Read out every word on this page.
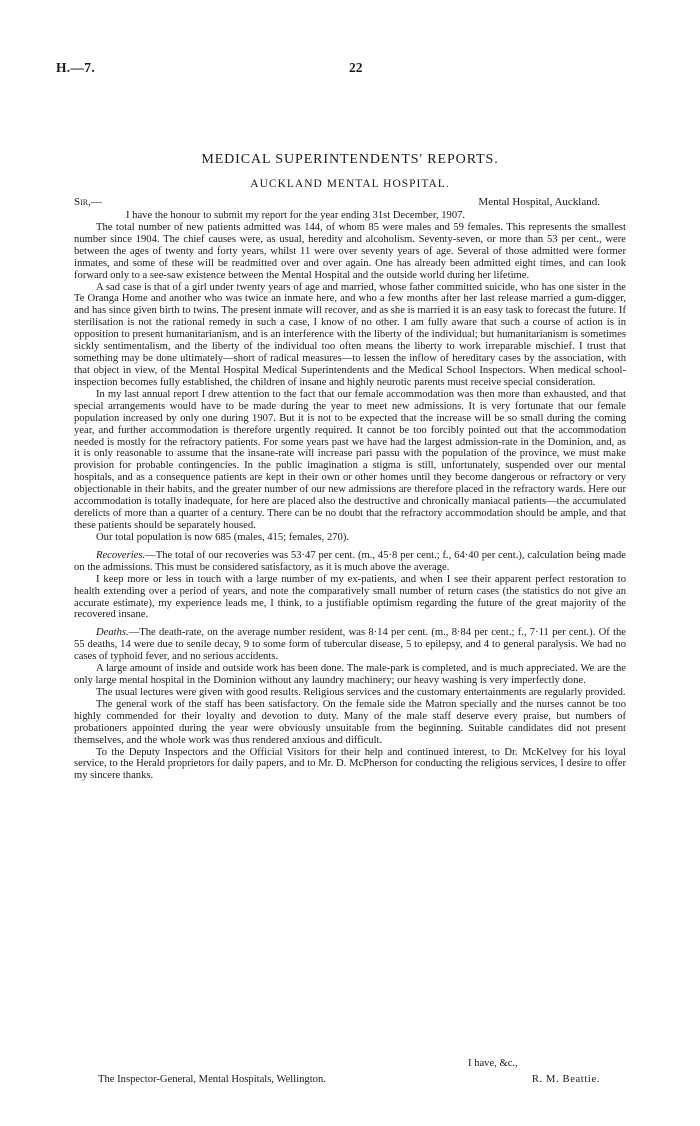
H.—7.	22
MEDICAL SUPERINTENDENTS' REPORTS.
AUCKLAND MENTAL HOSPITAL.
Sir,—	Mental Hospital, Auckland.

I have the honour to submit my report for the year ending 31st December, 1907.

The total number of new patients admitted was 144, of whom 85 were males and 59 females. This represents the smallest number since 1904. The chief causes were, as usual, heredity and alcoholism. Seventy-seven, or more than 53 per cent., were between the ages of twenty and forty years, whilst 11 were over seventy years of age. Several of those admitted were former inmates, and some of these will be readmitted over and over again. One has already been admitted eight times, and can look forward only to a see-saw existence between the Mental Hospital and the outside world during her lifetime.

A sad case is that of a girl under twenty years of age and married, whose father committed suicide, who has one sister in the Te Oranga Home and another who was twice an inmate here, and who a few months after her last release married a gum-digger, and has since given birth to twins. The present inmate will recover, and as she is married it is an easy task to forecast the future. If sterilisation is not the rational remedy in such a case, I know of no other. I am fully aware that such a course of action is in opposition to present humanitarianism, and is an interference with the liberty of the individual; but humanitarianism is sometimes sickly sentimentalism, and the liberty of the individual too often means the liberty to work irreparable mischief. I trust that something may be done ultimately—short of radical measures—to lessen the inflow of hereditary cases by the association, with that object in view, of the Mental Hospital Medical Superintendents and the Medical School Inspectors. When medical school-inspection becomes fully established, the children of insane and highly neurotic parents must receive special consideration.

In my last annual report I drew attention to the fact that our female accommodation was then more than exhausted, and that special arrangements would have to be made during the year to meet new admissions. It is very fortunate that our female population increased by only one during 1907. But it is not to be expected that the increase will be so small during the coming year, and further accommodation is therefore urgently required. It cannot be too forcibly pointed out that the accommodation needed is mostly for the refractory patients. For some years past we have had the largest admission-rate in the Dominion, and, as it is only reasonable to assume that the insane-rate will increase pari passu with the population of the province, we must make provision for probable contingencies. In the public imagination a stigma is still, unfortunately, suspended over our mental hospitals, and as a consequence patients are kept in their own or other homes until they become dangerous or refractory or very objectionable in their habits, and the greater number of our new admissions are therefore placed in the refractory wards. Here our accommodation is totally inadequate, for here are placed also the destructive and chronically maniacal patients—the accumulated derelicts of more than a quarter of a century. There can be no doubt that the refractory accommodation should be ample, and that these patients should be separately housed.

Our total population is now 685 (males, 415; females, 270).

Recoveries.—The total of our recoveries was 53·47 per cent. (m., 45·8 per cent.; f., 64·40 per cent.), calculation being made on the admissions. This must be considered satisfactory, as it is much above the average.

I keep more or less in touch with a large number of my ex-patients, and when I see their apparent perfect restoration to health extending over a period of years, and note the comparatively small number of return cases (the statistics do not give an accurate estimate), my experience leads me, I think, to a justifiable optimism regarding the future of the great majority of the recovered insane.

Deaths.—The death-rate, on the average number resident, was 8·14 per cent. (m., 8·84 per cent.; f., 7·11 per cent.). Of the 55 deaths, 14 were due to senile decay, 9 to some form of tubercular disease, 5 to epilepsy, and 4 to general paralysis. We had no cases of typhoid fever, and no serious accidents.

A large amount of inside and outside work has been done. The male-park is completed, and is much appreciated. We are the only large mental hospital in the Dominion without any laundry machinery; our heavy washing is very imperfectly done.

The usual lectures were given with good results. Religious services and the customary entertainments are regularly provided.

The general work of the staff has been satisfactory. On the female side the Matron specially and the nurses cannot be too highly commended for their loyalty and devotion to duty. Many of the male staff deserve every praise, but numbers of probationers appointed during the year were obviously unsuitable from the beginning. Suitable candidates did not present themselves, and the whole work was thus rendered anxious and difficult.

To the Deputy Inspectors and the Official Visitors for their help and continued interest, to Dr. McKelvey for his loyal service, to the Herald proprietors for daily papers, and to Mr. D. McPherson for conducting the religious services, I desire to offer my sincere thanks.

I have, &c.,
The Inspector-General, Mental Hospitals, Wellington.	R. M. Beattie.
